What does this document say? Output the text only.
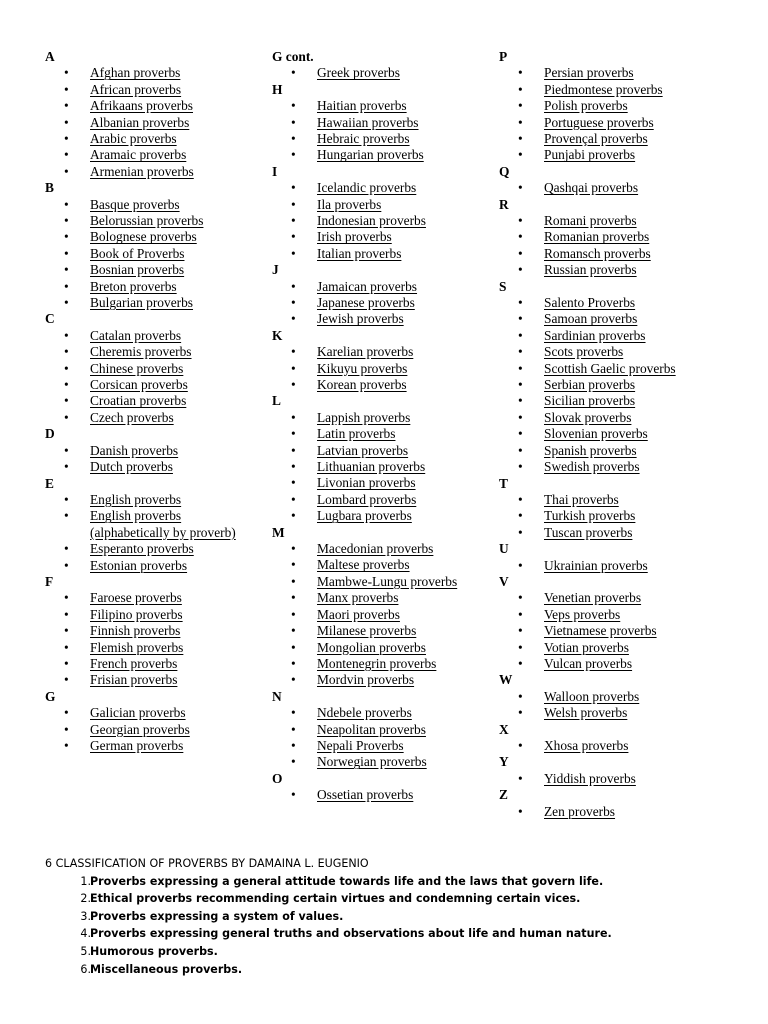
A
• Afghan proverbs
• African proverbs
• Afrikaans proverbs
• Albanian proverbs
• Arabic proverbs
• Aramaic proverbs
• Armenian proverbs
B
• Basque proverbs
• Belorussian proverbs
• Bolognese proverbs
• Book of Proverbs
• Bosnian proverbs
• Breton proverbs
• Bulgarian proverbs
C
• Catalan proverbs
• Cheremis proverbs
• Chinese proverbs
• Corsican proverbs
• Croatian proverbs
• Czech proverbs
D
• Danish proverbs
• Dutch proverbs
E
• English proverbs
• English proverbs (alphabetically by proverb)
• Esperanto proverbs
• Estonian proverbs
F
• Faroese proverbs
• Filipino proverbs
• Finnish proverbs
• Flemish proverbs
• French proverbs
• Frisian proverbs
G
• Galician proverbs
• Georgian proverbs
• German proverbs
G cont.
• Greek proverbs
H
• Haitian proverbs
• Hawaiian proverbs
• Hebraic proverbs
• Hungarian proverbs
I
• Icelandic proverbs
• Ila proverbs
• Indonesian proverbs
• Irish proverbs
• Italian proverbs
J
• Jamaican proverbs
• Japanese proverbs
• Jewish proverbs
K
• Karelian proverbs
• Kikuyu proverbs
• Korean proverbs
L
• Lappish proverbs
• Latin proverbs
• Latvian proverbs
• Lithuanian proverbs
• Livonian proverbs
• Lombard proverbs
• Lugbara proverbs
M
• Macedonian proverbs
• Maltese proverbs
• Mambwe-Lungu proverbs
• Manx proverbs
• Maori proverbs
• Milanese proverbs
• Mongolian proverbs
• Montenegrin proverbs
• Mordvin proverbs
N
• Ndebele proverbs
• Neapolitan proverbs
• Nepali Proverbs
• Norwegian proverbs
O
• Ossetian proverbs
P
• Persian proverbs
• Piedmontese proverbs
• Polish proverbs
• Portuguese proverbs
• Provençal proverbs
• Punjabi proverbs
Q
• Qashqai proverbs
R
• Romani proverbs
• Romanian proverbs
• Romansch proverbs
• Russian proverbs
S
• Salento Proverbs
• Samoan proverbs
• Sardinian proverbs
• Scots proverbs
• Scottish Gaelic proverbs
• Serbian proverbs
• Sicilian proverbs
• Slovak proverbs
• Slovenian proverbs
• Spanish proverbs
• Swedish proverbs
T
• Thai proverbs
• Turkish proverbs
• Tuscan proverbs
U
• Ukrainian proverbs
V
• Venetian proverbs
• Veps proverbs
• Vietnamese proverbs
• Votian proverbs
• Vulcan proverbs
W
• Walloon proverbs
• Welsh proverbs
X
• Xhosa proverbs
Y
• Yiddish proverbs
Z
• Zen proverbs
6 CLASSIFICATION OF PROVERBS BY DAMAINA L. EUGENIO
1.Proverbs expressing a general attitude towards life and the laws that govern life.
2.Ethical proverbs recommending certain virtues and condemning certain vices.
3.Proverbs expressing a system of values.
4.Proverbs expressing general truths and observations about life and human nature.
5.Humorous proverbs.
6.Miscellaneous proverbs.
